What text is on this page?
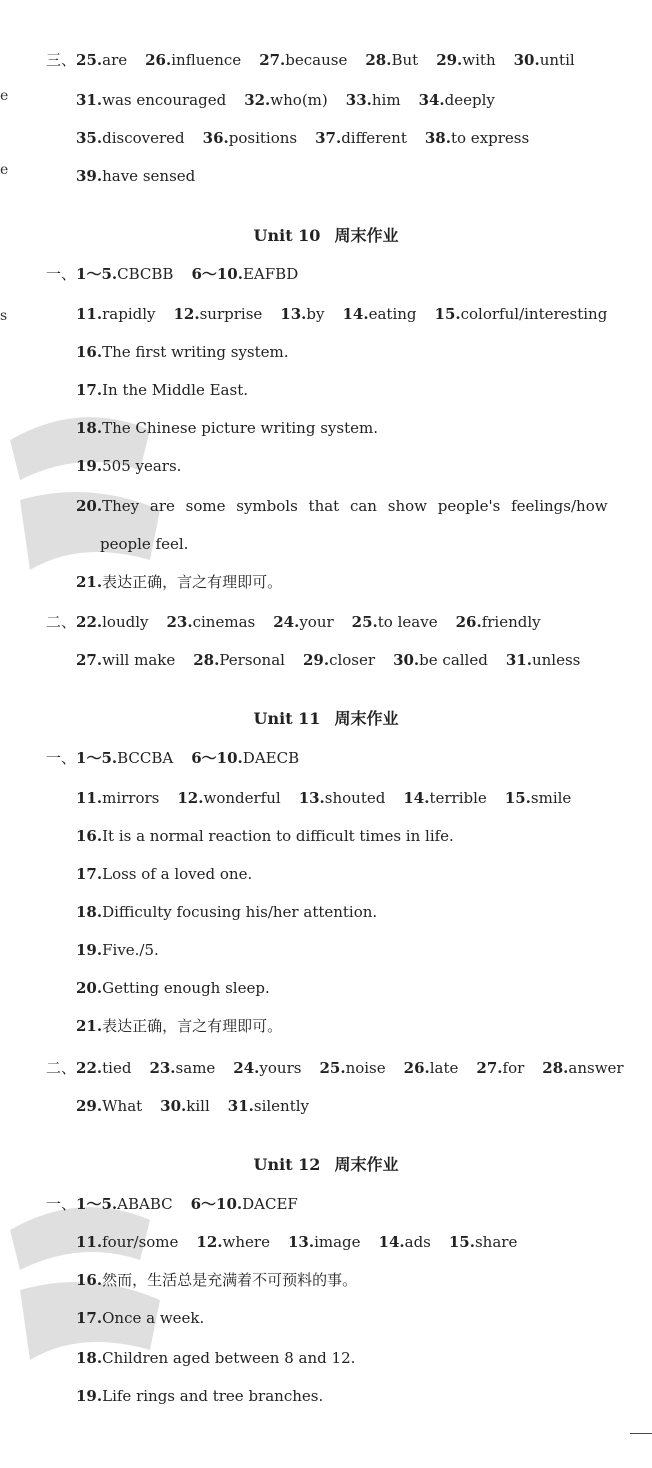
e
e
s
三、25.are 26.influence 27.because 28.But 29.with 30.until
31.was encouraged 32.who(m) 33.him 34.deeply
35.discovered 36.positions 37.different 38.to express
39.have sensed
Unit 10 周末作业
一、1～5.CBCBB 6～10.EAFBD
11.rapidly 12.surprise 13.by 14.eating 15.colorful/interesting
16.The first writing system.
17.In the Middle East.
18.The Chinese picture writing system.
19.505 years.
20.They are some symbols that can show people's feelings/how
21.表达正确，言之有理即可。
二、22.loudly 23.cinemas 24.your 25.to leave 26.friendly
27.will make 28.Personal 29.closer 30.be called 31.unless
people feel.
Unit 11 周末作业
一、1～5.BCCBA 6～10.DAECB
11.mirrors 12.wonderful 13.shouted 14.terrible 15.smile
16.It is a normal reaction to difficult times in life.
17.Loss of a loved one.
18.Difficulty focusing his/her attention.
19.Five./5.
20.Getting enough sleep.
21.表达正确，言之有理即可。
二、22.tied 23.same 24.yours 25.noise 26.late 27.for 28.answer
29.What 30.kill 31.silently
Unit 12 周末作业
一、1～5.ABABC 6～10.DACEF
11.four/some 12.where 13.image 14.ads 15.share
16.然而，生活总是充满着不可预料的事。
17.Once a week.
18.Children aged between 8 and 12.
19.Life rings and tree branches.
